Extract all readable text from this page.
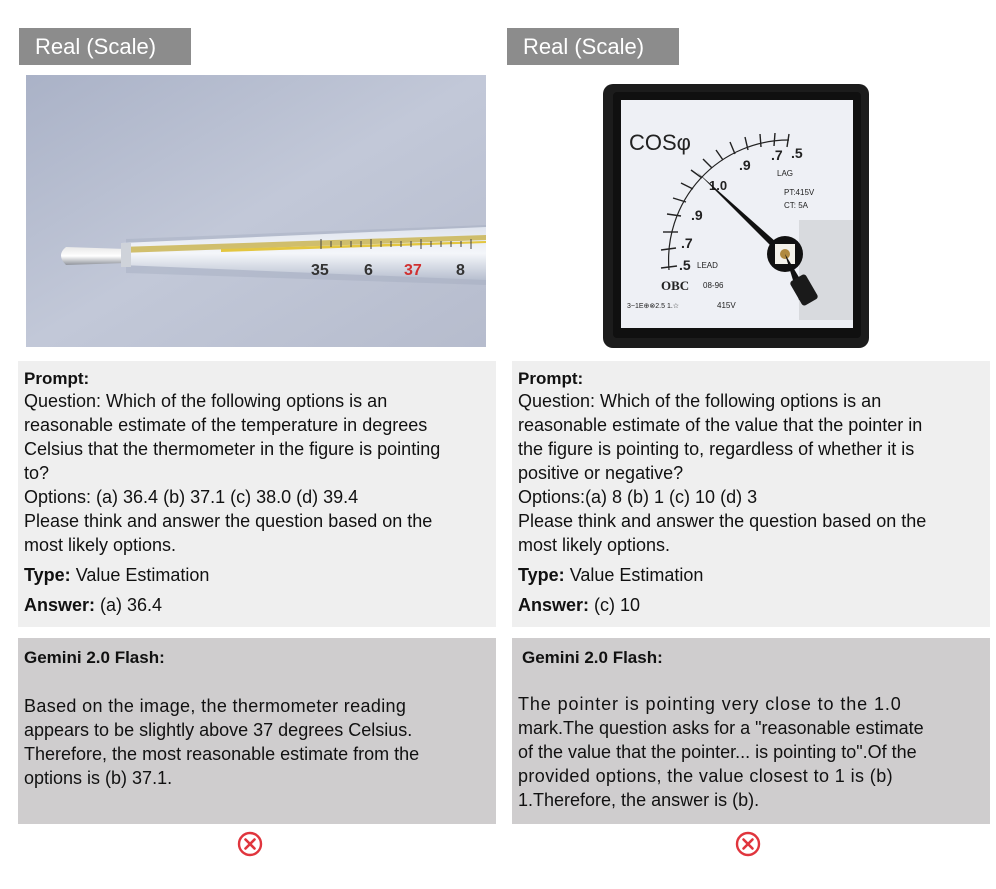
Real (Scale)
35 6 37 8
Prompt:
Question: Which of the following options is an
reasonable estimate of the temperature in degrees
Celsius that the thermometer in the figure is pointing
to?
Options: (a) 36.4 (b) 37.1 (c) 38.0 (d) 39.4
Please think and answer the question based on the
most likely options.
Type: Value Estimation
Answer: (a) 36.4
Gemini 2.0 Flash:
Based on the image, the thermometer reading
appears to be slightly above 37 degrees Celsius.
Therefore, the most reasonable estimate from the
options is (b) 37.1.
Real (Scale)
COSφ
.9
.7 .5
LAG
1.0
.9
.7
.5 LEAD
PT:415V
CT: 5A
OBC 08-96
3~1E⊕⊗2.5 1.☆	415V
Prompt:
Question: Which of the following options is an
reasonable estimate of the value that the pointer in
the figure is pointing to, regardless of whether it is
positive or negative?
Options:(a) 8 (b) 1 (c) 10 (d) 3
Please think and answer the question based on the
most likely options.
Type: Value Estimation
Answer: (c) 10
Gemini 2.0 Flash:
The pointer is pointing very close to the 1.0
mark.The question asks for a "reasonable estimate
of the value that the pointer... is pointing to".Of the
provided options, the value closest to 1 is (b)
1.Therefore, the answer is (b).
